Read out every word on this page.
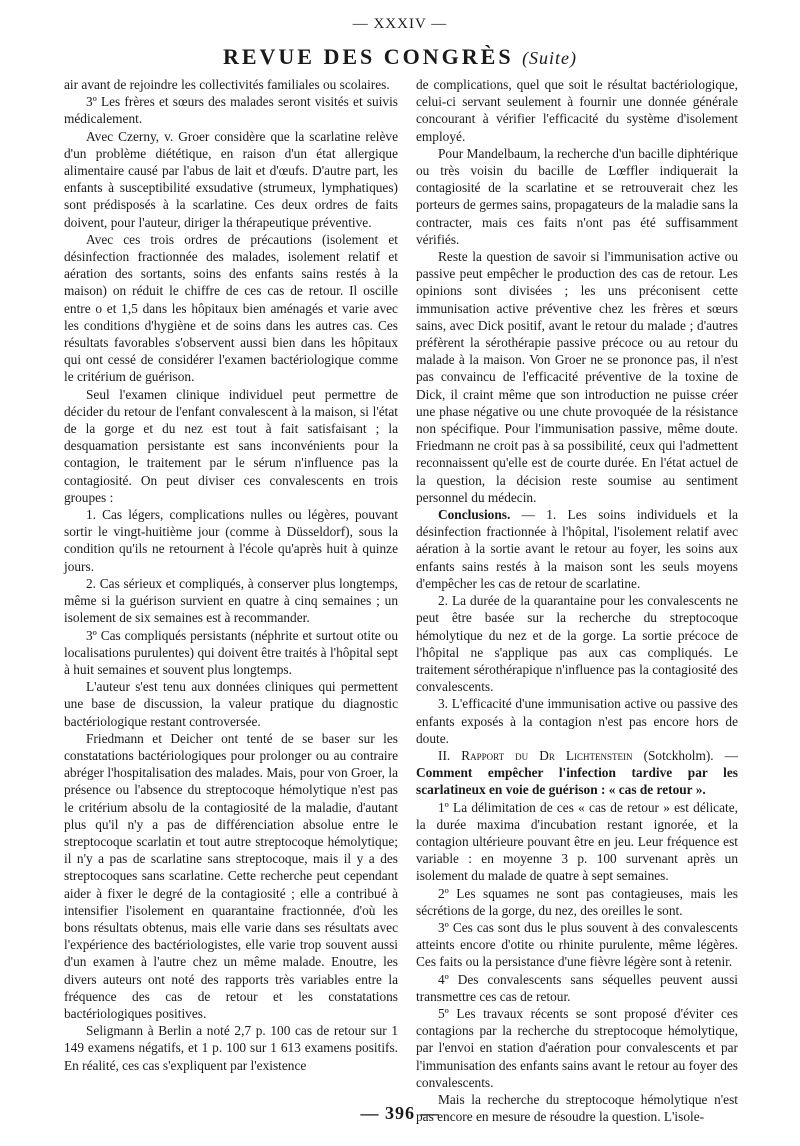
— XXXIV —
REVUE DES CONGRÈS (Suite)

air avant de rejoindre les collectivités familiales ou scolaires.

3º Les frères et sœurs des malades seront visités et suivis médicalement.

Avec Czerny, v. Groer considère que la scarlatine relève d'un problème diététique, en raison d'un état allergique alimentaire causé par l'abus de lait et d'œufs. D'autre part, les enfants à susceptibilité exsudative (strumeux, lymphatiques) sont prédisposés à la scarlatine. Ces deux ordres de faits doivent, pour l'auteur, diriger la thérapeutique préventive.

Avec ces trois ordres de précautions (isolement et désinfection fractionnée des malades, isolement relatif et aération des sortants, soins des enfants sains restés à la maison) on réduit le chiffre de ces cas de retour. Il oscille entre o et 1,5 dans les hôpitaux bien aménagés et varie avec les conditions d'hygiène et de soins dans les autres cas. Ces résultats favorables s'observent aussi bien dans les hôpitaux qui ont cessé de considérer l'examen bactériologique comme le critérium de guérison.

Seul l'examen clinique individuel peut permettre de décider du retour de l'enfant convalescent à la maison, si l'état de la gorge et du nez est tout à fait satisfaisant ; la desquamation persistante est sans inconvénients pour la contagion, le traitement par le sérum n'influence pas la contagiosité. On peut diviser ces convalescents en trois groupes :

1. Cas légers, complications nulles ou légères, pouvant sortir le vingt-huitième jour (comme à Düsseldorf), sous la condition qu'ils ne retournent à l'école qu'après huit à quinze jours.

2. Cas sérieux et compliqués, à conserver plus longtemps, même si la guérison survient en quatre à cinq semaines ; un isolement de six semaines est à recommander.

3º Cas compliqués persistants (néphrite et surtout otite ou localisations purulentes) qui doivent être traités à l'hôpital sept à huit semaines et souvent plus longtemps.

L'auteur s'est tenu aux données cliniques qui permettent une base de discussion, la valeur pratique du diagnostic bactériologique restant controversée.

Friedmann et Deicher ont tenté de se baser sur les constatations bactériologiques pour prolonger ou au contraire abréger l'hospitalisation des malades. Mais, pour von Groer, la présence ou l'absence du streptocoque hémolytique n'est pas le critérium absolu de la contagiosité de la maladie, d'autant plus qu'il n'y a pas de différenciation absolue entre le streptocoque scarlatin et tout autre streptocoque hémolytique; il n'y a pas de scarlatine sans streptocoque, mais il y a des streptocoques sans scarlatine. Cette recherche peut cependant aider à fixer le degré de la contagiosité ; elle a contribué à intensifier l'isolement en quarantaine fractionnée, d'où les bons résultats obtenus, mais elle varie dans ses résultats avec l'expérience des bactériologistes, elle varie trop souvent aussi d'un examen à l'autre chez un même malade. Enoutre, les divers auteurs ont noté des rapports très variables entre la fréquence des cas de retour et les constatations bactériologiques positives.

Seligmann à Berlin a noté 2,7 p. 100 cas de retour sur 1 149 examens négatifs, et 1 p. 100 sur 1 613 examens positifs. En réalité, ces cas s'expliquent par l'existence

de complications, quel que soit le résultat bactériologique, celui-ci servant seulement à fournir une donnée générale concourant à vérifier l'efficacité du système d'isolement employé.

Pour Mandelbaum, la recherche d'un bacille diphtérique ou très voisin du bacille de Lœffler indiquerait la contagiosité de la scarlatine et se retrouverait chez les porteurs de germes sains, propagateurs de la maladie sans la contracter, mais ces faits n'ont pas été suffisamment vérifiés.

Reste la question de savoir si l'immunisation active ou passive peut empêcher le production des cas de retour. Les opinions sont divisées ; les uns préconisent cette immunisation active préventive chez les frères et sœurs sains, avec Dick positif, avant le retour du malade ; d'autres préfèrent la sérothérapie passive précoce ou au retour du malade à la maison. Von Groer ne se prononce pas, il n'est pas convaincu de l'efficacité préventive de la toxine de Dick, il craint même que son introduction ne puisse créer une phase négative ou une chute provoquée de la résistance non spécifique. Pour l'immunisation passive, même doute. Friedmann ne croit pas à sa possibilité, ceux qui l'admettent reconnaissent qu'elle est de courte durée. En l'état actuel de la question, la décision reste soumise au sentiment personnel du médecin.

Conclusions. — 1. Les soins individuels et la désinfection fractionnée à l'hôpital, l'isolement relatif avec aération à la sortie avant le retour au foyer, les soins aux enfants sains restés à la maison sont les seuls moyens d'empêcher les cas de retour de scarlatine.

2. La durée de la quarantaine pour les convalescents ne peut être basée sur la recherche du streptocoque hémolytique du nez et de la gorge. La sortie précoce de l'hôpital ne s'applique pas aux cas compliqués. Le traitement sérothérapique n'influence pas la contagiosité des convalescents.

3. L'efficacité d'une immunisation active ou passive des enfants exposés à la contagion n'est pas encore hors de doute.

II. Rapport du Dr Lichtenstein (Sotckholm). — Comment empêcher l'infection tardive par les scarlatineux en voie de guérison : « cas de retour ».

1º La délimitation de ces « cas de retour » est délicate, la durée maxima d'incubation restant ignorée, et la contagion ultérieure pouvant être en jeu. Leur fréquence est variable : en moyenne 3 p. 100 survenant après un isolement du malade de quatre à sept semaines.

2º Les squames ne sont pas contagieuses, mais les sécrétions de la gorge, du nez, des oreilles le sont.

3º Ces cas sont dus le plus souvent à des convalescents atteints encore d'otite ou rhinite purulente, même légères. Ces faits ou la persistance d'une fièvre légère sont à retenir.

4º Des convalescents sans séquelles peuvent aussi transmettre ces cas de retour.

5º Les travaux récents se sont proposé d'éviter ces contagions par la recherche du streptocoque hémolytique, par l'envoi en station d'aération pour convalescents et par l'immunisation des enfants sains avant le retour au foyer des convalescents.

Mais la recherche du streptocoque hémolytique n'est pas encore en mesure de résoudre la question. L'isole-

— 396 —
